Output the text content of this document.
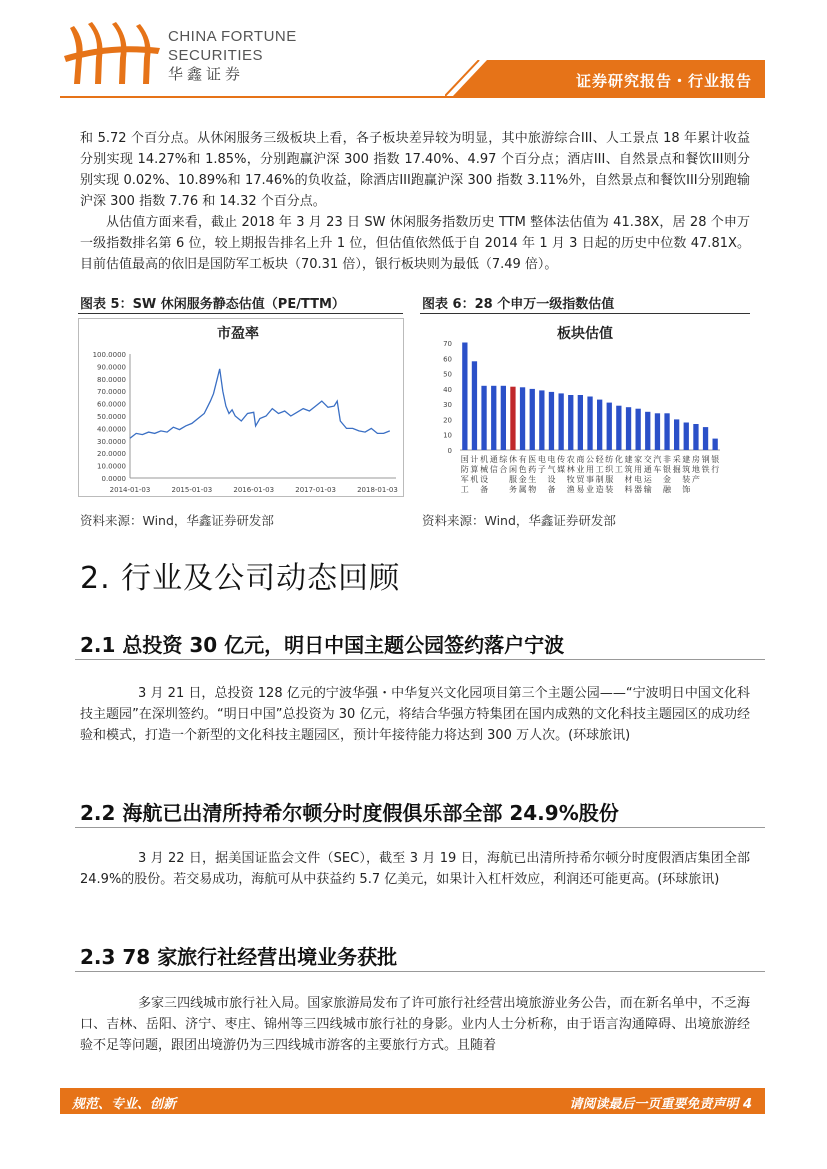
CHINA FORTUNE
SECURITIES
华鑫证券	证券研究报告・行业报告
和 5.72 个百分点。从休闲服务三级板块上看，各子板块差异较为明显，其中旅游综合III、人工景点 18 年累计收益分别实现 14.27%和 1.85%，分别跑赢沪深 300 指数 17.40%、4.97 个百分点；酒店III、自然景点和餐饮III则分别实现 0.02%、10.89%和 17.46%的负收益，除酒店III跑赢沪深 300 指数 3.11%外，自然景点和餐饮III分别跑输沪深 300 指数 7.76 和 14.32 个百分点。
从估值方面来看，截止 2018 年 3 月 23 日 SW 休闲服务指数历史 TTM 整体法估值为 41.38X，居 28 个申万一级指数排名第 6 位，较上期报告排名上升 1 位，但估值依然低于自 2014 年 1 月 3 日起的历史中位数 47.81X。目前估值最高的依旧是国防军工板块（70.31 倍），银行板块则为最低（7.49 倍）。
图表 5：SW 休闲服务静态估值（PE/TTM）
市盈率
0.0000
10.0000
20.0000
30.0000
40.0000
50.0000
60.0000
70.0000
80.0000
90.0000
100.0000
2014-01-03	2015-01-03	2016-01-03	2017-01-03	2018-01-03
资料来源：Wind，华鑫证券研发部
图表 6：28 个申万一级指数估值
板块估值
0
10
20
30
40
50
60
70
国
防
军
工
计
算
机
机
械
设
备
通
信
综
合
休
闲
服
务
有
色
金
属
医
药
生
物
电
子
电
气
设
备
传
媒
农
林
牧
渔
商
业
贸
易
公
用
事
业
轻
工
制
造
纺
织
服
装
化
工
建
筑
材
料
家
用
电
器
交
通
运
输
汽
车
非
银
金
融
采
掘
建
筑
装
饰
房
地
产
钢
铁
银
行
资料来源：Wind，华鑫证券研发部
2. 行业及公司动态回顾
2.1 总投资 30 亿元，明日中国主题公园签约落户宁波
3 月 21 日，总投资 128 亿元的宁波华强・中华复兴文化园项目第三个主题公园——“宁波明日中国文化科技主题园”在深圳签约。“明日中国”总投资为 30 亿元，将结合华强方特集团在国内成熟的文化科技主题园区的成功经验和模式，打造一个新型的文化科技主题园区，预计年接待能力将达到 300 万人次。(环球旅讯)
2.2 海航已出清所持希尔顿分时度假俱乐部全部 24.9%股份
3 月 22 日，据美国证监会文件（SEC），截至 3 月 19 日，海航已出清所持希尔顿分时度假酒店集团全部 24.9%的股份。若交易成功，海航可从中获益约 5.7 亿美元，如果计入杠杆效应，利润还可能更高。(环球旅讯)
2.3 78 家旅行社经营出境业务获批
多家三四线城市旅行社入局。国家旅游局发布了许可旅行社经营出境旅游业务公告，而在新名单中，不乏海口、吉林、岳阳、济宁、枣庄、锦州等三四线城市旅行社的身影。业内人士分析称，由于语言沟通障碍、出境旅游经验不足等问题，跟团出境游仍为三四线城市游客的主要旅行方式。且随着
规范、专业、创新	请阅读最后一页重要免责声明 4
